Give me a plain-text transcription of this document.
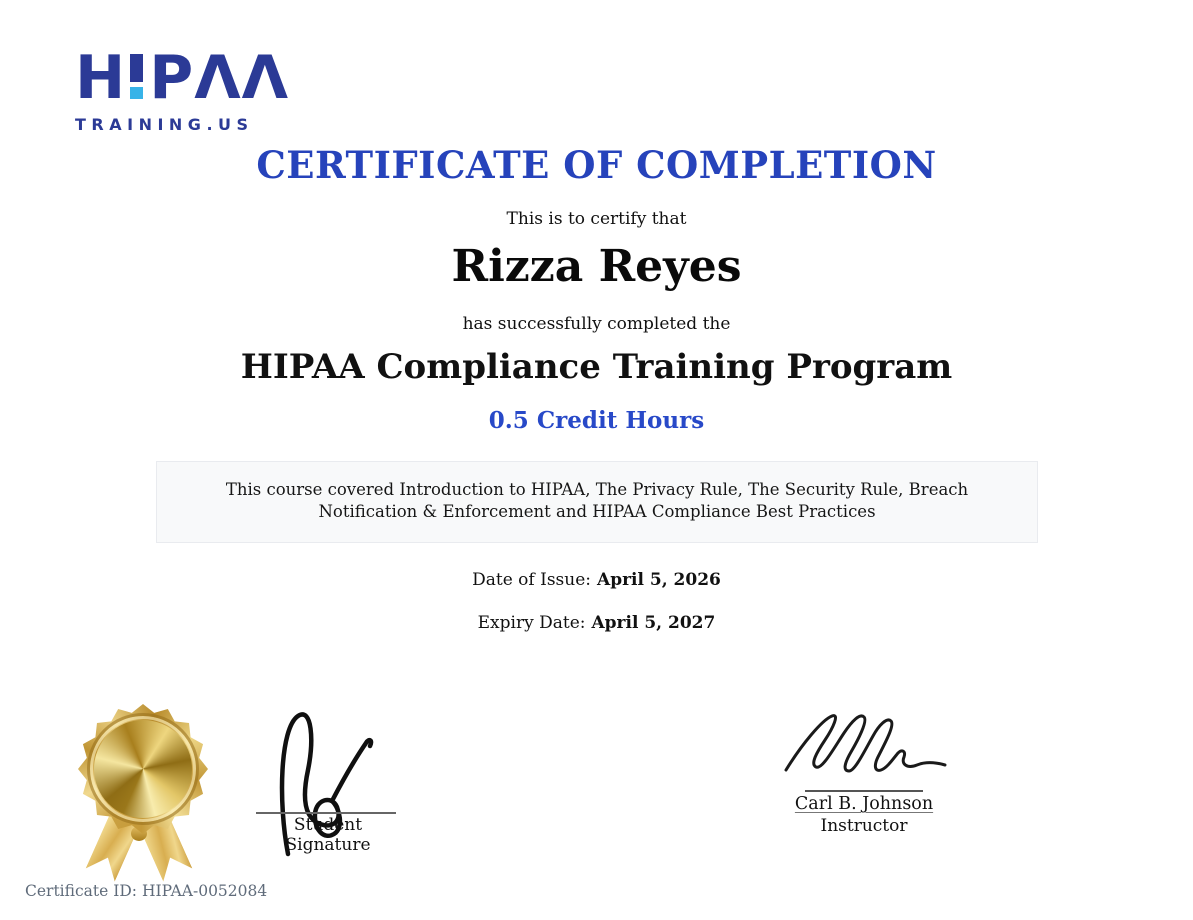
H PΛΛ
TRAINING.US
CERTIFICATE OF COMPLETION
This is to certify that
Rizza Reyes
has successfully completed the
HIPAA Compliance Training Program
0.5 Credit Hours
This course covered Introduction to HIPAA, The Privacy Rule, The Security Rule, Breach Notification & Enforcement and HIPAA Compliance Best Practices
Date of Issue: April 5, 2026
Expiry Date: April 5, 2027
Student Signature
Carl B. Johnson
Instructor
Certificate ID: HIPAA-0052084
